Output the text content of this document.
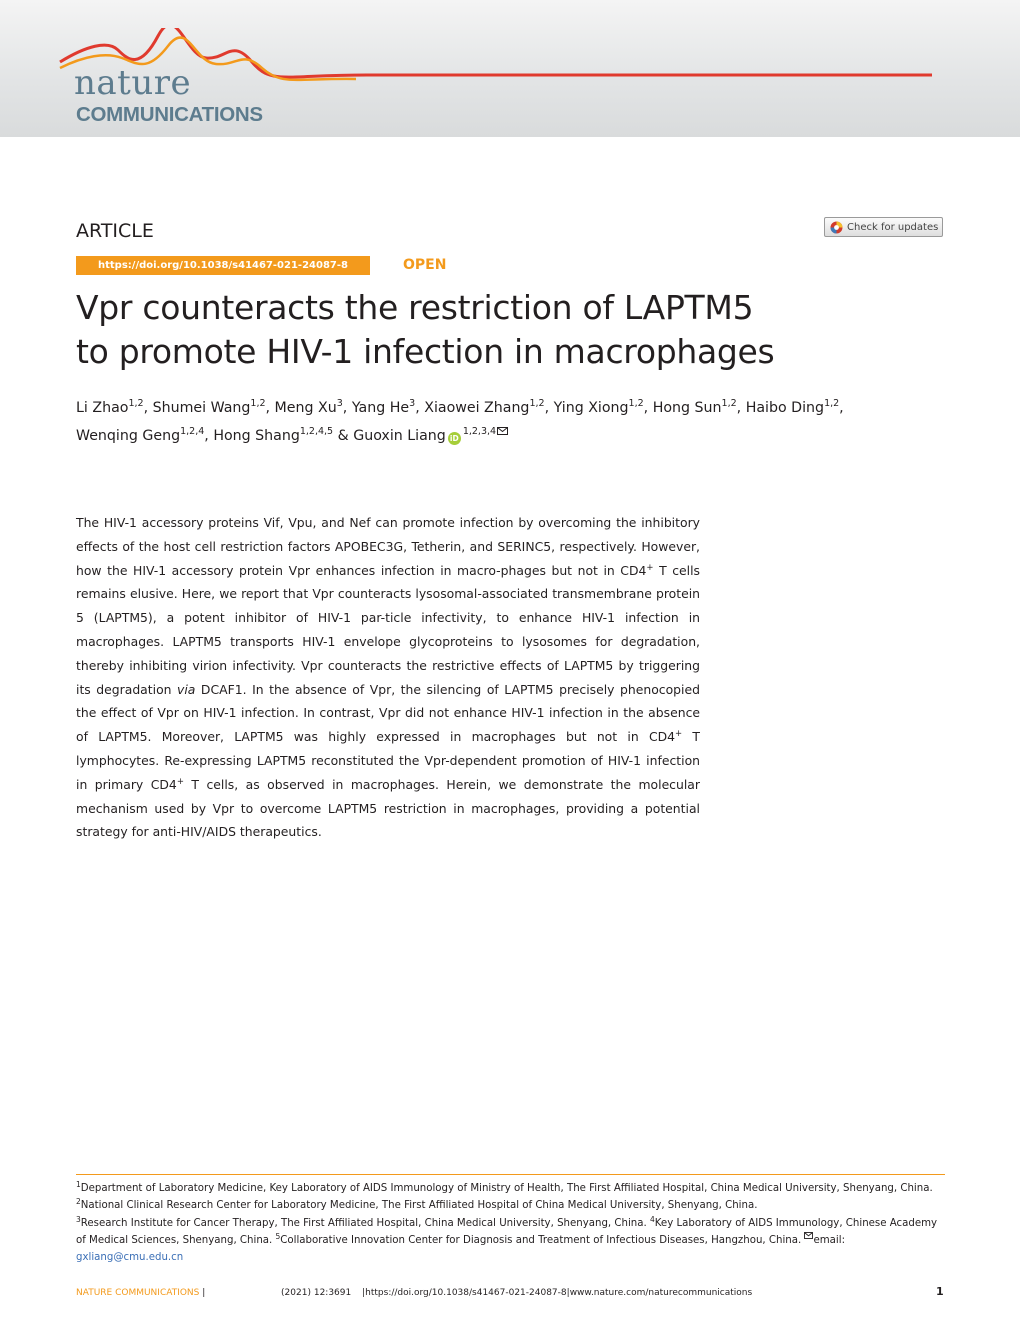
nature
COMMUNICATIONS
ARTICLE	Check for updates
https://doi.org/10.1038/s41467-021-24087-8	OPEN
Vpr counteracts the restriction of LAPTM5
to promote HIV-1 infection in macrophages
Li Zhao$^{1,2}$, Shumei Wang$^{1,2}$, Meng Xu$^3$, Yang He$^3$, Xiaowei Zhang$^{1,2}$, Ying Xiong$^{1,2}$, Hong Sun$^{1,2}$, Haibo Ding$^{1,2}$,
Wenqing Geng$^{1,2,4}$, Hong Shang$^{1,2,4,5}$ & Guoxin Liang iD$^{1,2,3,4}$

The HIV-1 accessory proteins Vif, Vpu, and Nef can promote infection by overcoming the inhibitory effects of the host cell restriction factors APOBEC3G, Tetherin, and SERINC5, respectively. However, how the HIV-1 accessory protein Vpr enhances infection in macro-phages but not in CD4+ T cells remains elusive. Here, we report that Vpr counteracts lysosomal-associated transmembrane protein 5 (LAPTM5), a potent inhibitor of HIV-1 par-ticle infectivity, to enhance HIV-1 infection in macrophages. LAPTM5 transports HIV-1 envelope glycoproteins to lysosomes for degradation, thereby inhibiting virion infectivity. Vpr counteracts the restrictive effects of LAPTM5 by triggering its degradation via DCAF1. In the absence of Vpr, the silencing of LAPTM5 precisely phenocopied the effect of Vpr on HIV-1 infection. In contrast, Vpr did not enhance HIV-1 infection in the absence of LAPTM5. Moreover, LAPTM5 was highly expressed in macrophages but not in CD4+ T lymphocytes. Re-expressing LAPTM5 reconstituted the Vpr-dependent promotion of HIV-1 infection in primary CD4+ T cells, as observed in macrophages. Herein, we demonstrate the molecular mechanism used by Vpr to overcome LAPTM5 restriction in macrophages, providing a potential strategy for anti-HIV/AIDS therapeutics.

$^1$Department of Laboratory Medicine, Key Laboratory of AIDS Immunology of Ministry of Health, The First Affiliated Hospital, China Medical University, Shenyang, China. $^2$National Clinical Research Center for Laboratory Medicine, The First Affiliated Hospital of China Medical University, Shenyang, China.
$^3$Research Institute for Cancer Therapy, The First Affiliated Hospital, China Medical University, Shenyang, China. $^4$Key Laboratory of AIDS Immunology, Chinese Academy of Medical Sciences, Shenyang, China. $^5$Collaborative Innovation Center for Diagnosis and Treatment of Infectious Diseases, Hangzhou, China. email: gxliang@cmu.edu.cn

NATURE COMMUNICATIONS |	(2021) 12:3691 |https://doi.org/10.1038/s41467-021-24087-8|www.nature.com/naturecommunications	1
